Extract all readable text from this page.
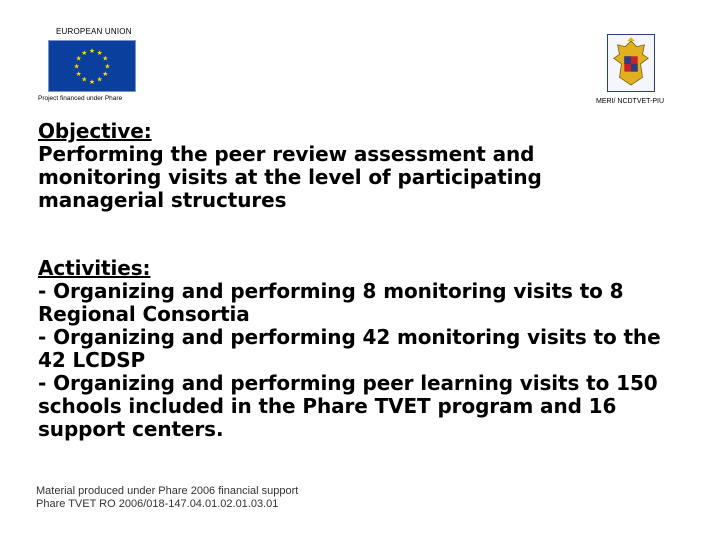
EUROPEAN UNION
★ ★
★
★
★
★
★
★
★
★
★
★
Project financed under Phare	MERI/ NCDTVET-PIU
Objective:
Performing the peer review assessment and monitoring visits at the level of participating managerial structures
Activities:
- Organizing and performing 8 monitoring visits to 8 Regional Consortia
- Organizing and performing 42 monitoring visits to the 42 LCDSP
- Organizing and performing peer learning visits to 150 schools included in the Phare TVET program and 16 support centers.
Material produced under Phare 2006 financial support
Phare TVET RO 2006/018-147.04.01.02.01.03.01
